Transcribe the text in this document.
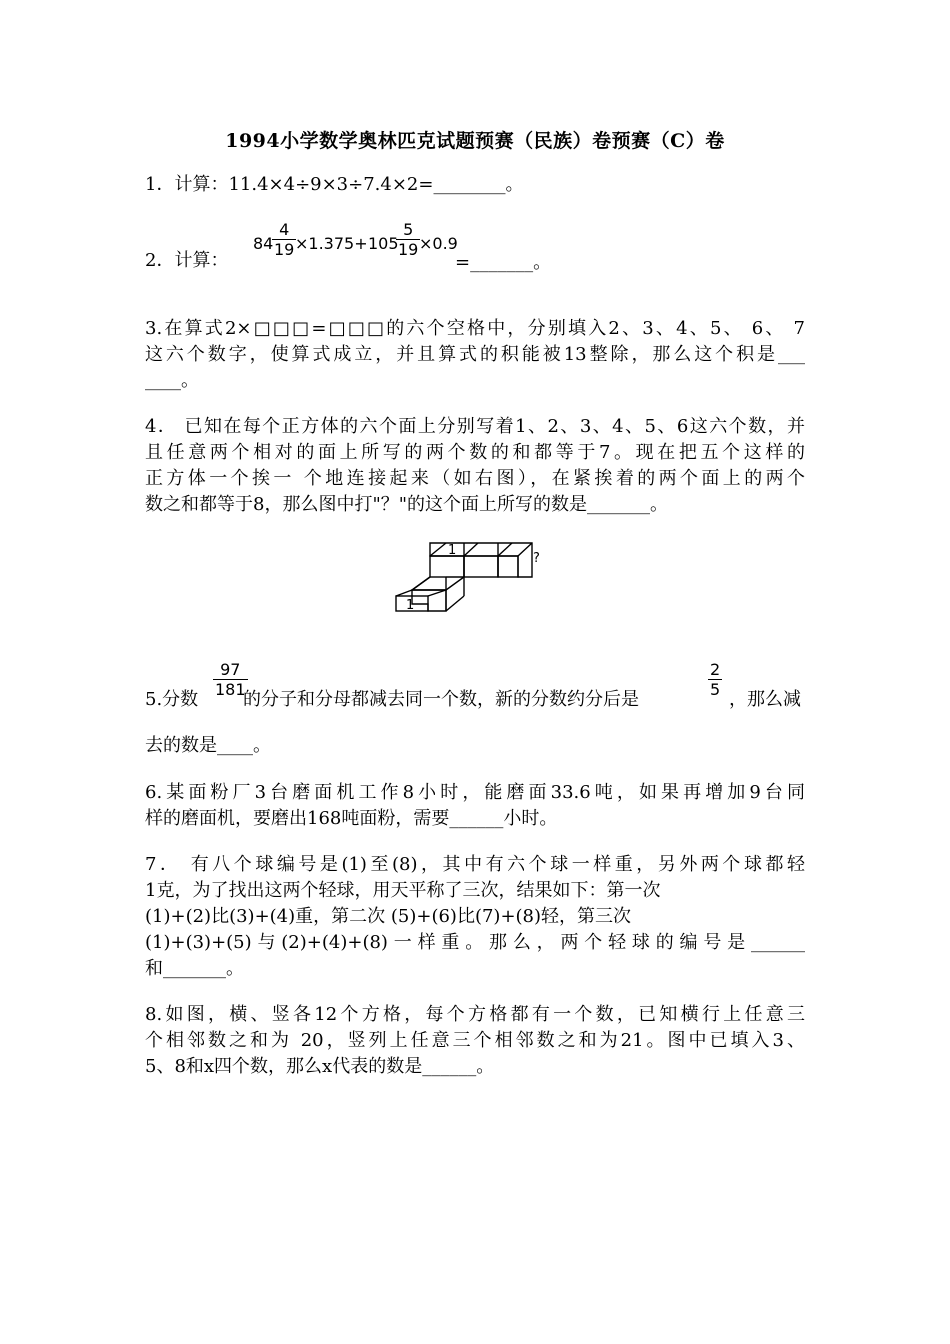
1994小学数学奥林匹克试题预赛（民族）卷预赛（C）卷
1．计算：11.4×4÷9×3÷7.4×2=________。
2．计算：
84
4
19 ×1.375+ 105
5
19 ×0.9
=_______。
3.在算式2×□□□=□□□的六个空格中，分别填入2、3、4、5、 6、 7
这六个数字，使算式成立，并且算式的积能被13整除，那么这个积是___
____。
4． 已知在每个正方体的六个面上分别写着1、2、3、4、5、6这六个数，并
且任意两个相对的面上所写的两个数的和都等于7。现在把五个这样的
正方体一个挨一 个地连接起来（如右图），在紧挨着的两个面上的两个
数之和都等于8，那么图中打"？"的这个面上所写的数是_______。
1
1
?
5.分数
97
181
的分子和分母都减去同一个数，新的分数约分后是
2
5 ，那么减
去的数是____。
6.某面粉厂3台磨面机工作8小时，能磨面33.6吨，如果再增加9台同
样的磨面机，要磨出168吨面粉，需要______小时。
7． 有八个球编号是(1)至(8)，其中有六个球一样重，另外两个球都轻
1克，为了找出这两个轻球，用天平称了三次，结果如下：第一次
(1)+(2)比(3)+(4)重，第二次 (5)+(6)比(7)+(8)轻，第三次
(1)+(3)+(5)与(2)+(4)+(8)一样重。那么，两个轻球的编号是______
和_______。
8.如图，横、竖各12个方格，每个方格都有一个数，已知横行上任意三
个相邻数之和为 20，竖列上任意三个相邻数之和为21。图中已填入3、
5、8和x四个数，那么x代表的数是______。
